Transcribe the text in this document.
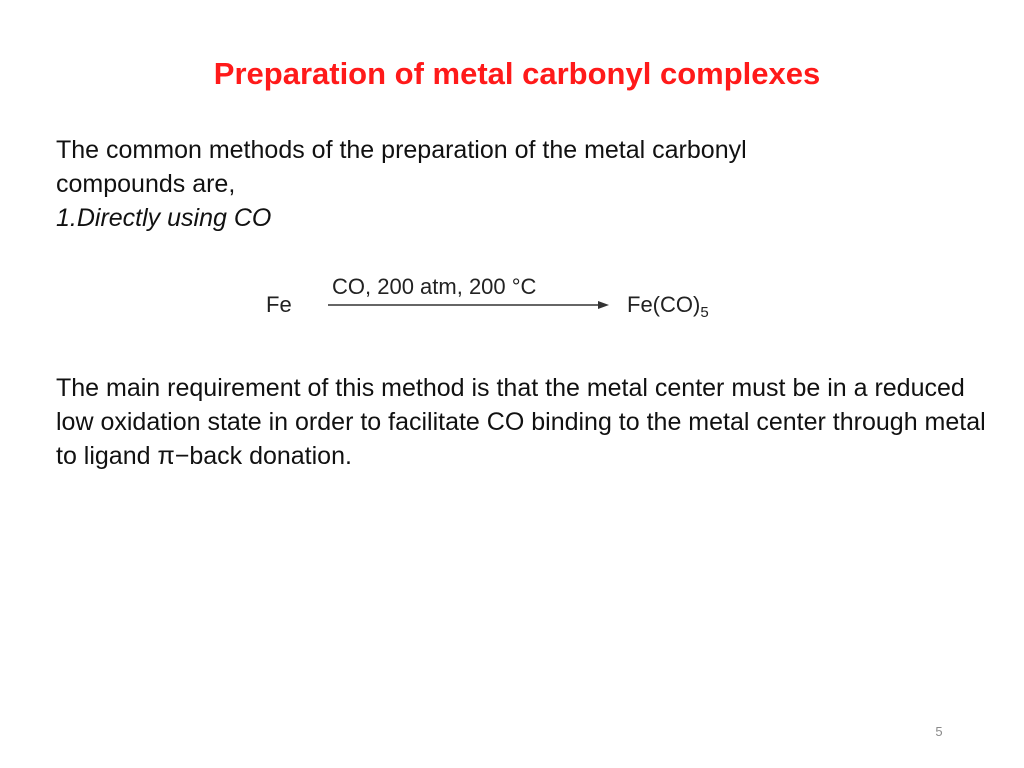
Preparation of metal carbonyl complexes

The common methods of the preparation of the metal carbonyl
compounds are,
1.Directly using CO

Fe
CO, 200 atm, 200 °C
$Fe(CO)_5$

The main requirement of this method is that the metal center must be in a reduced low oxidation state in order to facilitate CO binding to the metal center through metal to ligand π−back donation.

5
